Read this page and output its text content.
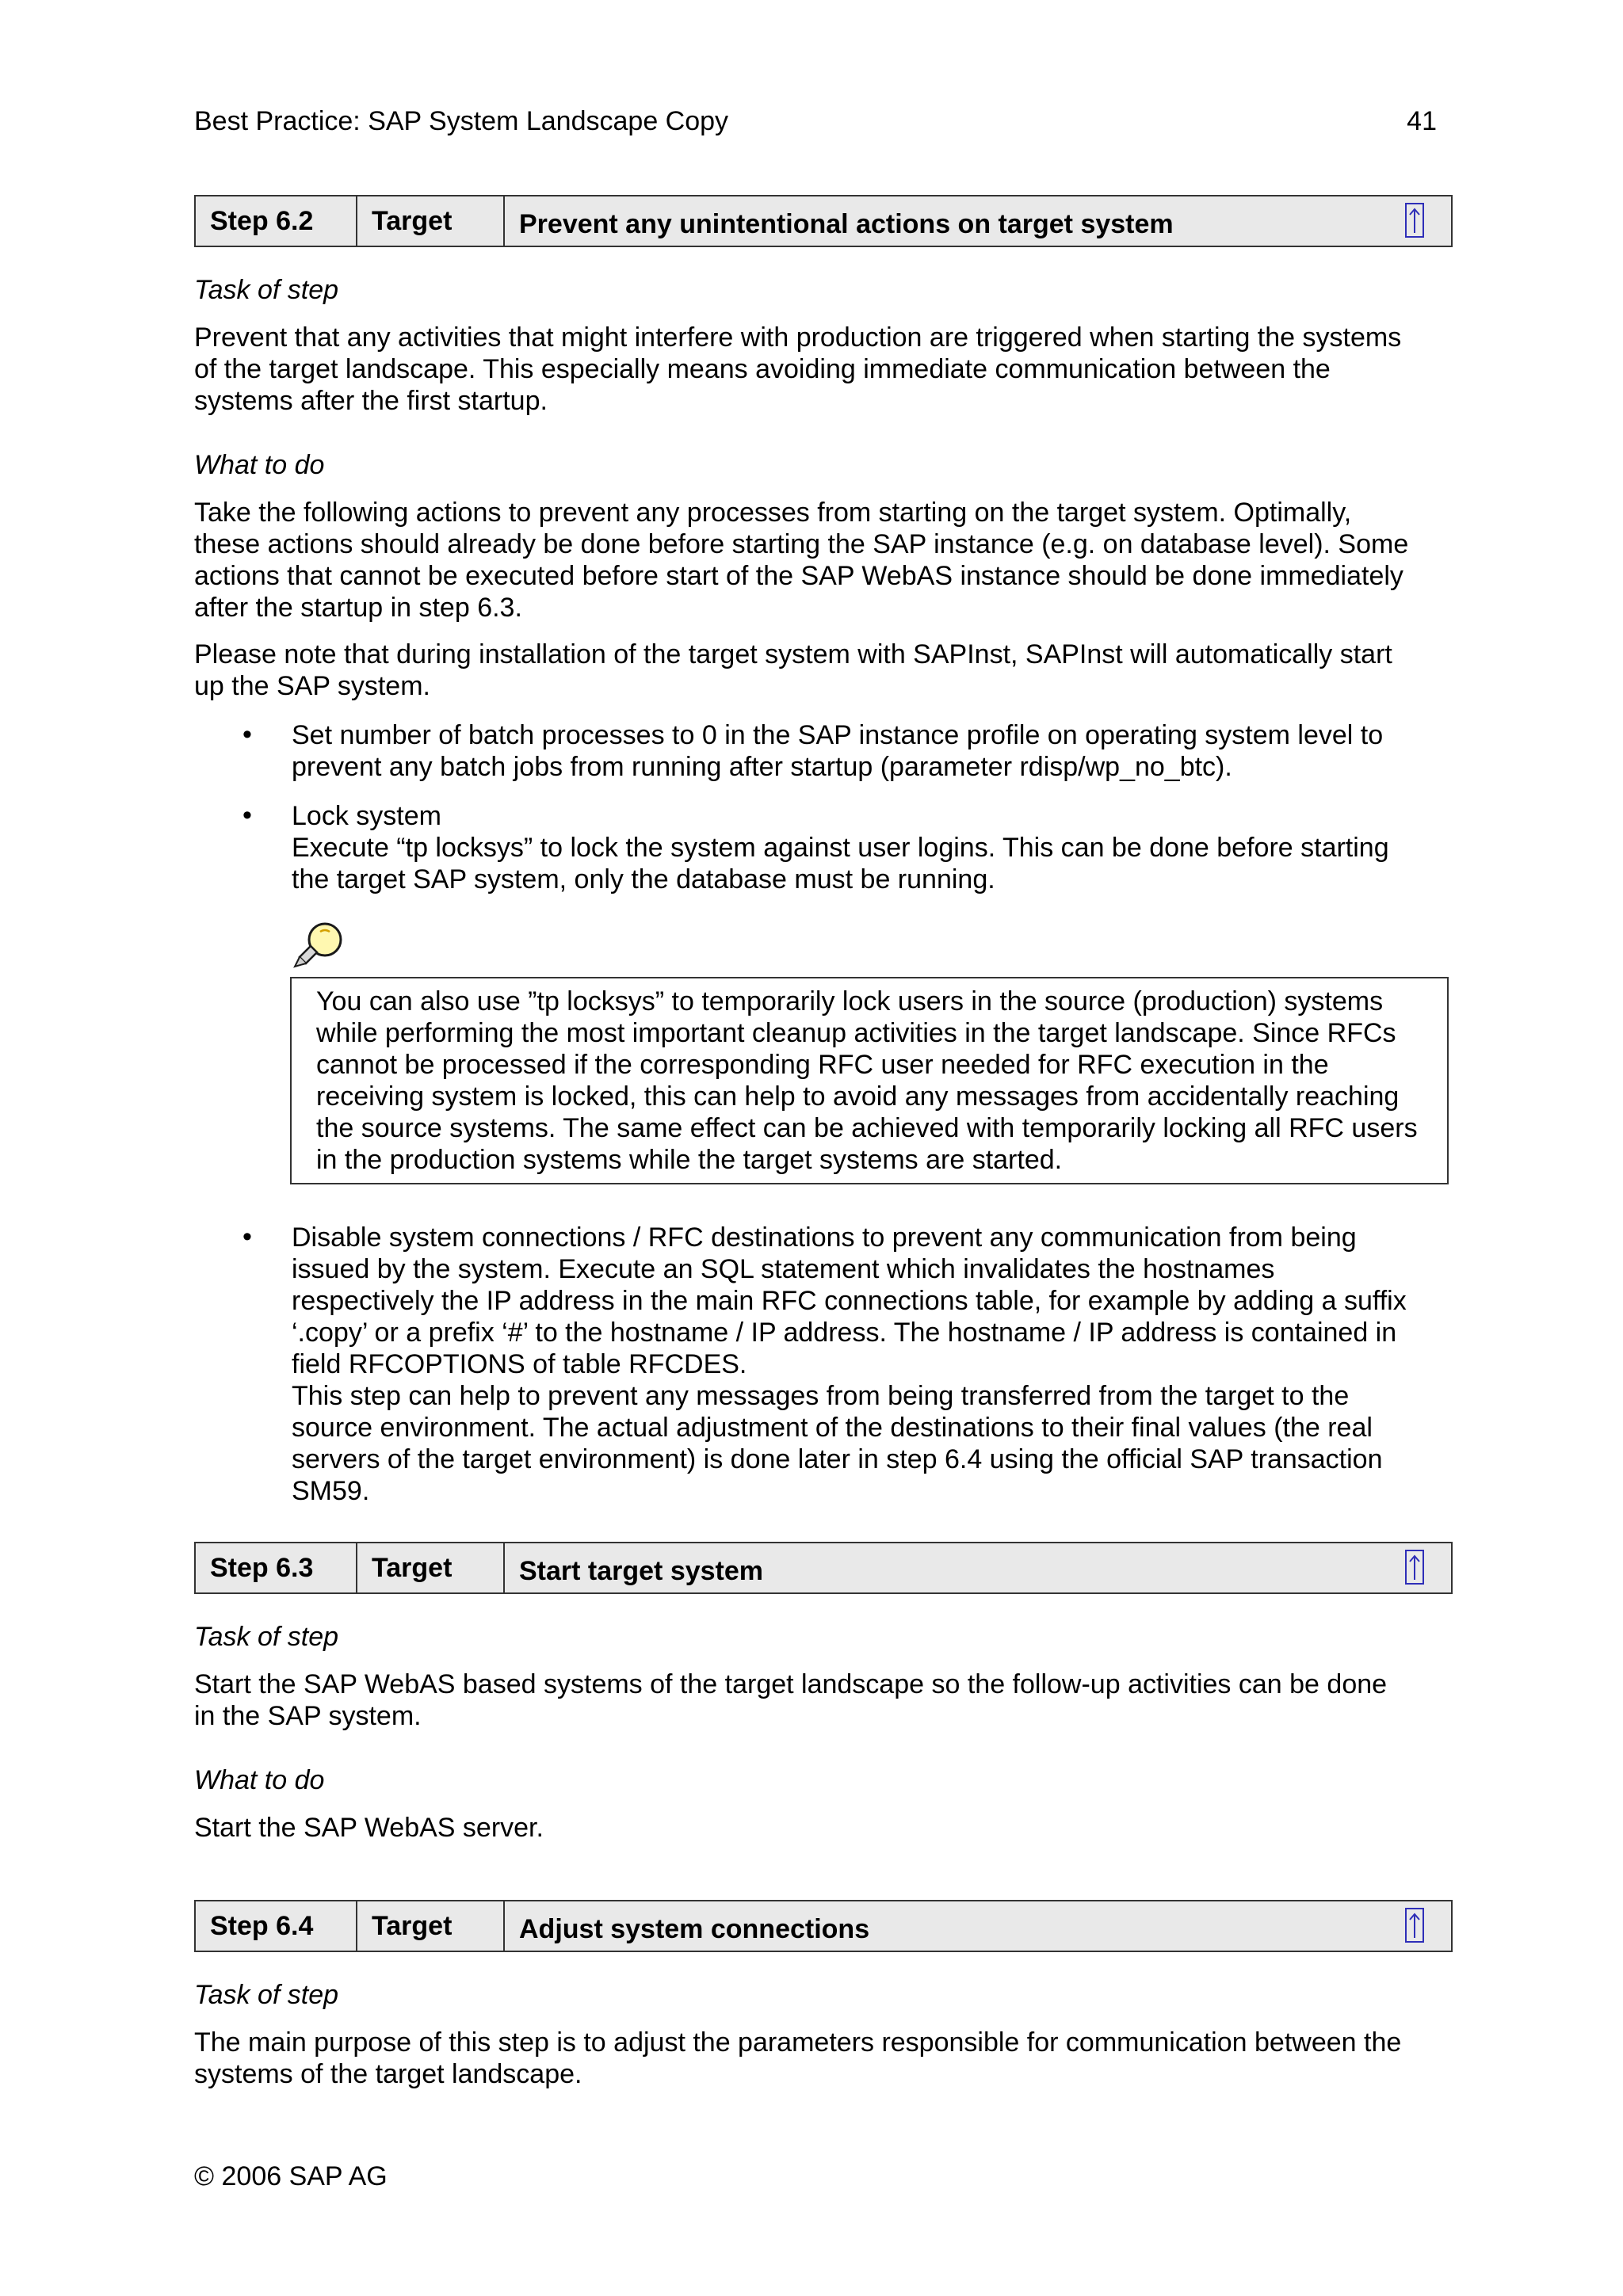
Best Practice: SAP System Landscape Copy	41
Step 6.2	Target	Prevent any unintentional actions on target system
Task of step
Prevent that any activities that might interfere with production are triggered when starting the systems
of the target landscape. This especially means avoiding immediate communication between the
systems after the first startup.
What to do
Take the following actions to prevent any processes from starting on the target system. Optimally,
these actions should already be done before starting the SAP instance (e.g. on database level). Some
actions that cannot be executed before start of the SAP WebAS instance should be done immediately
after the startup in step 6.3.
Please note that during installation of the target system with SAPInst, SAPInst will automatically start
up the SAP system.
• Set number of batch processes to 0 in the SAP instance profile on operating system level to
prevent any batch jobs from running after startup (parameter rdisp/wp_no_btc).
• Lock system
Execute “tp locksys” to lock the system against user logins. This can be done before starting
the target SAP system, only the database must be running.
You can also use ”tp locksys” to temporarily lock users in the source (production) systems
while performing the most important cleanup activities in the target landscape. Since RFCs
cannot be processed if the corresponding RFC user needed for RFC execution in the
receiving system is locked, this can help to avoid any messages from accidentally reaching
the source systems. The same effect can be achieved with temporarily locking all RFC users
in the production systems while the target systems are started.
• Disable system connections / RFC destinations to prevent any communication from being
issued by the system. Execute an SQL statement which invalidates the hostnames
respectively the IP address in the main RFC connections table, for example by adding a suffix
‘.copy’ or a prefix ‘#’ to the hostname / IP address. The hostname / IP address is contained in
field RFCOPTIONS of table RFCDES.
This step can help to prevent any messages from being transferred from the target to the
source environment. The actual adjustment of the destinations to their final values (the real
servers of the target environment) is done later in step 6.4 using the official SAP transaction
SM59.
Step 6.3	Target	Start target system
Task of step
Start the SAP WebAS based systems of the target landscape so the follow-up activities can be done
in the SAP system.
What to do
Start the SAP WebAS server.
Step 6.4	Target	Adjust system connections
Task of step
The main purpose of this step is to adjust the parameters responsible for communication between the
systems of the target landscape.
© 2006 SAP AG
